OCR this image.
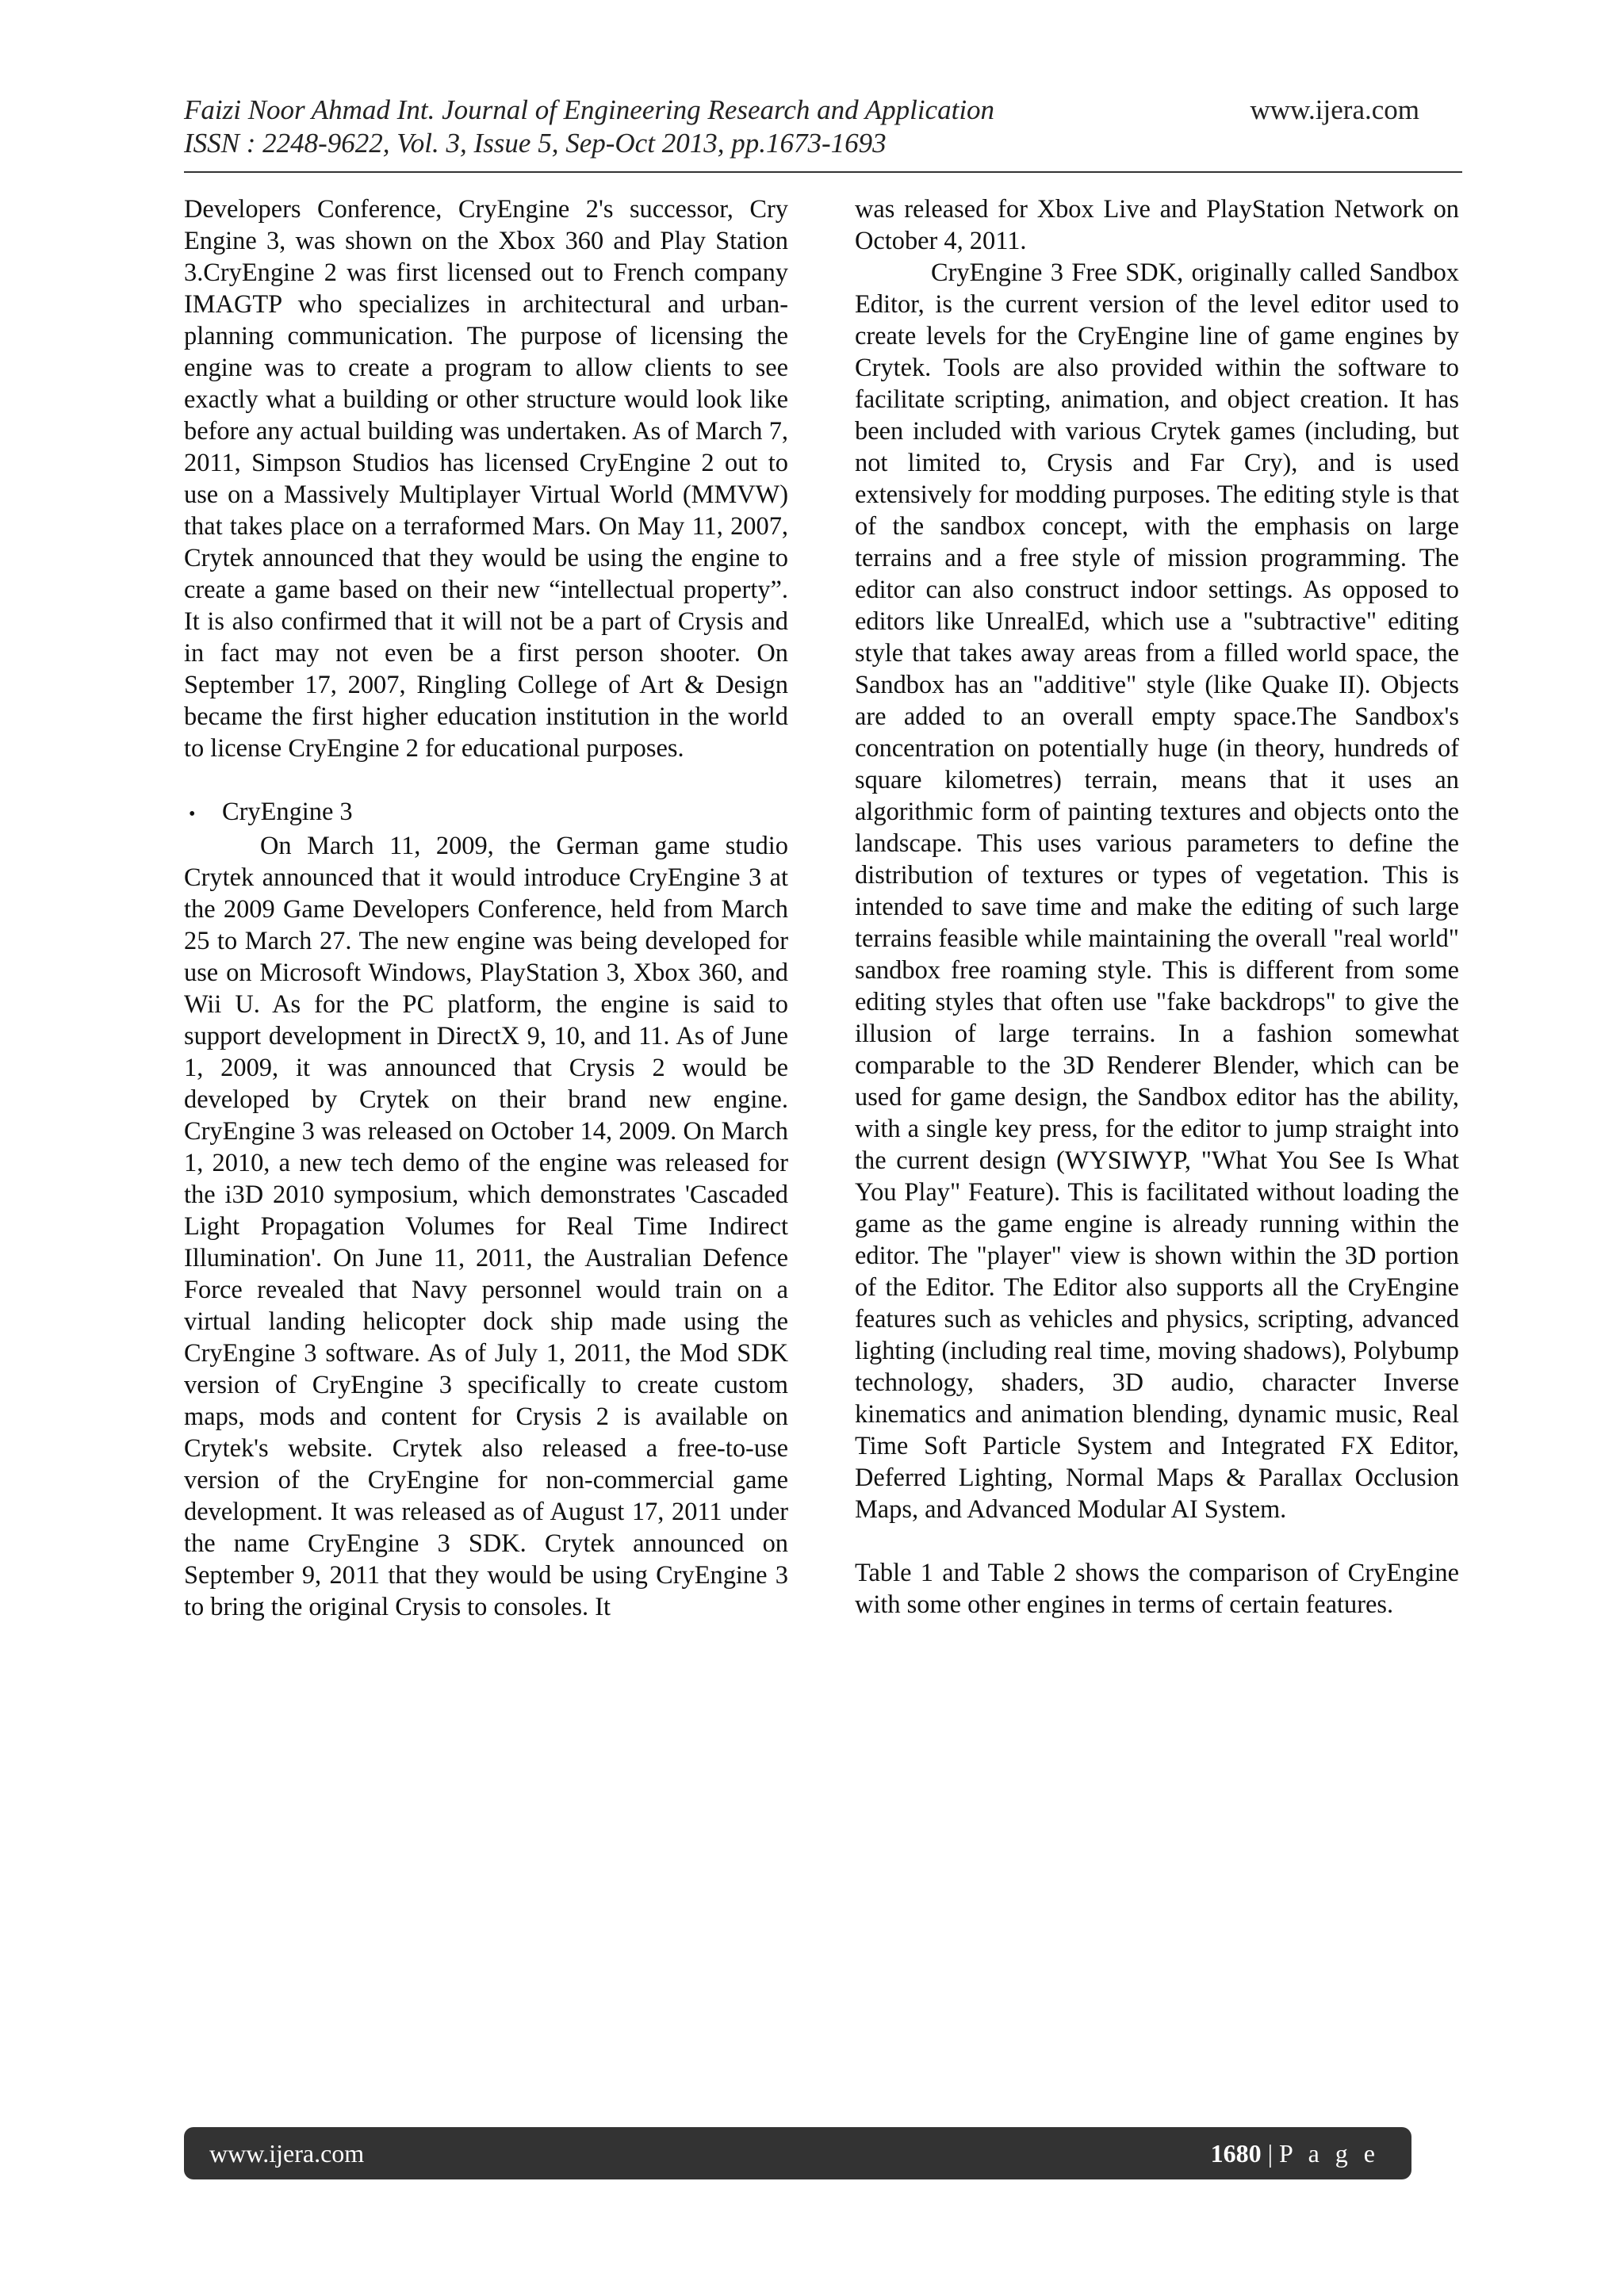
Faizi Noor Ahmad Int. Journal of Engineering Research and Application	www.ijera.com
ISSN : 2248-9622, Vol. 3, Issue 5, Sep-Oct 2013, pp.1673-1693

Developers Conference, CryEngine 2's successor, Cry Engine 3, was shown on the Xbox 360 and Play Station 3.CryEngine 2 was first licensed out to French company IMAGTP who specializes in architectural and urban-planning communication. The purpose of licensing the engine was to create a program to allow clients to see exactly what a building or other structure would look like before any actual building was undertaken. As of March 7, 2011, Simpson Studios has licensed CryEngine 2 out to use on a Massively Multiplayer Virtual World (MMVW) that takes place on a terraformed Mars. On May 11, 2007, Crytek announced that they would be using the engine to create a game based on their new “intellectual property”. It is also confirmed that it will not be a part of Crysis and in fact may not even be a first person shooter. On September 17, 2007, Ringling College of Art & Design became the first higher education institution in the world to license CryEngine 2 for educational purposes.

•	CryEngine 3

On March 11, 2009, the German game studio Crytek announced that it would introduce CryEngine 3 at the 2009 Game Developers Conference, held from March 25 to March 27. The new engine was being developed for use on Microsoft Windows, PlayStation 3, Xbox 360, and Wii U. As for the PC platform, the engine is said to support development in DirectX 9, 10, and 11. As of June 1, 2009, it was announced that Crysis 2 would be developed by Crytek on their brand new engine. CryEngine 3 was released on October 14, 2009. On March 1, 2010, a new tech demo of the engine was released for the i3D 2010 symposium, which demonstrates 'Cascaded Light Propagation Volumes for Real Time Indirect Illumination'. On June 11, 2011, the Australian Defence Force revealed that Navy personnel would train on a virtual landing helicopter dock ship made using the CryEngine 3 software. As of July 1, 2011, the Mod SDK version of CryEngine 3 specifically to create custom maps, mods and content for Crysis 2 is available on Crytek's website. Crytek also released a free-to-use version of the CryEngine for non-commercial game development. It was released as of August 17, 2011 under the name CryEngine 3 SDK. Crytek announced on September 9, 2011 that they would be using CryEngine 3 to bring the original Crysis to consoles. It

was released for Xbox Live and PlayStation Network on October 4, 2011.

CryEngine 3 Free SDK, originally called Sandbox Editor, is the current version of the level editor used to create levels for the CryEngine line of game engines by Crytek. Tools are also provided within the software to facilitate scripting, animation, and object creation. It has been included with various Crytek games (including, but not limited to, Crysis and Far Cry), and is used extensively for modding purposes. The editing style is that of the sandbox concept, with the emphasis on large terrains and a free style of mission programming. The editor can also construct indoor settings. As opposed to editors like UnrealEd, which use a "subtractive" editing style that takes away areas from a filled world space, the Sandbox has an "additive" style (like Quake II). Objects are added to an overall empty space.The Sandbox's concentration on potentially huge (in theory, hundreds of square kilometres) terrain, means that it uses an algorithmic form of painting textures and objects onto the landscape. This uses various parameters to define the distribution of textures or types of vegetation. This is intended to save time and make the editing of such large terrains feasible while maintaining the overall "real world" sandbox free roaming style. This is different from some editing styles that often use "fake backdrops" to give the illusion of large terrains. In a fashion somewhat comparable to the 3D Renderer Blender, which can be used for game design, the Sandbox editor has the ability, with a single key press, for the editor to jump straight into the current design (WYSIWYP, "What You See Is What You Play" Feature). This is facilitated without loading the game as the game engine is already running within the editor. The "player" view is shown within the 3D portion of the Editor. The Editor also supports all the CryEngine features such as vehicles and physics, scripting, advanced lighting (including real time, moving shadows), Polybump technology, shaders, 3D audio, character Inverse kinematics and animation blending, dynamic music, Real Time Soft Particle System and Integrated FX Editor, Deferred Lighting, Normal Maps & Parallax Occlusion Maps, and Advanced Modular AI System.

Table 1 and Table 2 shows the comparison of CryEngine with some other engines in terms of certain features.

www.ijera.com	1680 | P a g e
